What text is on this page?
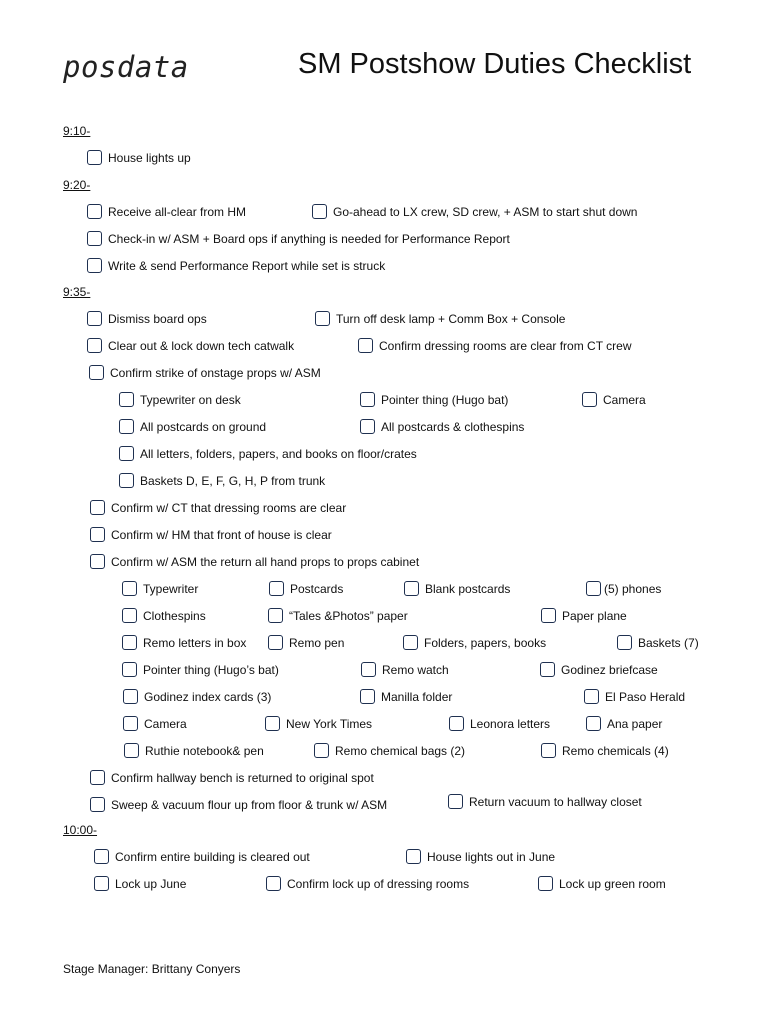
posdata	SM Postshow Duties Checklist
9:10-
9:20-
9:35-
10:00-
House lights up
Receive all-clear from HM	Go-ahead to LX crew, SD crew, + ASM to start shut down
Check-in w/ ASM + Board ops if anything is needed for Performance Report
Write & send Performance Report while set is struck
Dismiss board ops	Turn off desk lamp + Comm Box + Console
Clear out & lock down tech catwalk	Confirm dressing rooms are clear from CT crew
Confirm strike of onstage props w/ ASM
Typewriter on desk	Pointer thing (Hugo bat)	Camera
All postcards on ground	All postcards & clothespins
All letters, folders, papers, and books on floor/crates
Baskets D, E, F, G, H, P from trunk
Confirm w/ CT that dressing rooms are clear
Confirm w/ HM that front of house is clear
Confirm w/ ASM the return all hand props to props cabinet
Typewriter	Postcards	Blank postcards	(5) phones
Clothespins	“Tales &Photos” paper	Paper plane
Remo letters in box	Remo pen	Folders, papers, books	Baskets (7)
Pointer thing (Hugo’s bat)	Remo watch	Godinez briefcase
Godinez index cards (3)	Manilla folder	El Paso Herald
Camera	New York Times	Leonora letters	Ana paper
Ruthie notebook& pen	Remo chemical bags (2)	Remo chemicals (4)
Confirm hallway bench is returned to original spot
Sweep & vacuum flour up from floor & trunk w/ ASM	Return vacuum to hallway closet
Confirm entire building is cleared out	House lights out in June
Lock up June	Confirm lock up of dressing rooms	Lock up green room
Stage Manager: Brittany Conyers
